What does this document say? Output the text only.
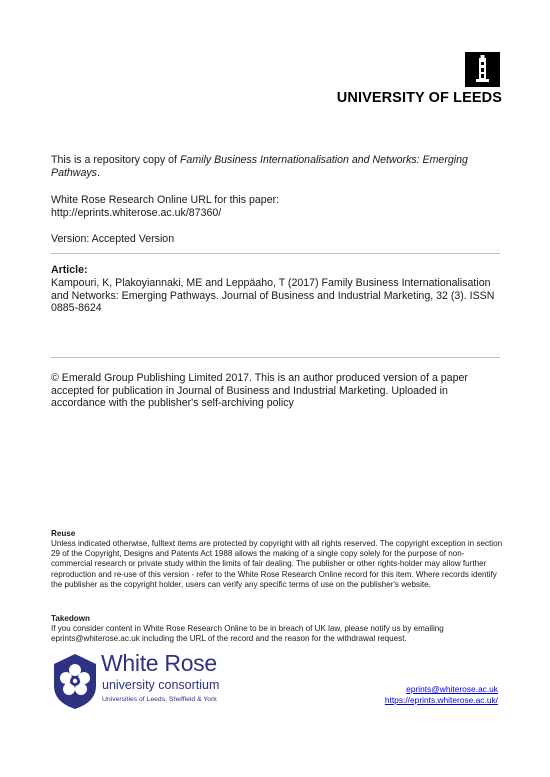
UNIVERSITY OF LEEDS
This is a repository copy of Family Business Internationalisation and Networks: Emerging Pathways.
White Rose Research Online URL for this paper:
http://eprints.whiterose.ac.uk/87360/
Version: Accepted Version
Article:
Kampouri, K, Plakoyiannaki, ME and Leppäaho, T (2017) Family Business Internationalisation and Networks: Emerging Pathways. Journal of Business and Industrial Marketing, 32 (3). ISSN 0885-8624
© Emerald Group Publishing Limited 2017. This is an author produced version of a paper accepted for publication in Journal of Business and Industrial Marketing. Uploaded in accordance with the publisher's self-archiving policy
Reuse
Unless indicated otherwise, fulltext items are protected by copyright with all rights reserved. The copyright exception in section 29 of the Copyright, Designs and Patents Act 1988 allows the making of a single copy solely for the purpose of non-commercial research or private study within the limits of fair dealing. The publisher or other rights-holder may allow further reproduction and re-use of this version - refer to the White Rose Research Online record for this item. Where records identify the publisher as the copyright holder, users can verify any specific terms of use on the publisher's website.
Takedown
If you consider content in White Rose Research Online to be in breach of UK law, please notify us by emailing eprints@whiterose.ac.uk including the URL of the record and the reason for the withdrawal request.
White Rose
university consortium
Universities of Leeds, Sheffield & York
eprints@whiterose.ac.uk
https://eprints.whiterose.ac.uk/
